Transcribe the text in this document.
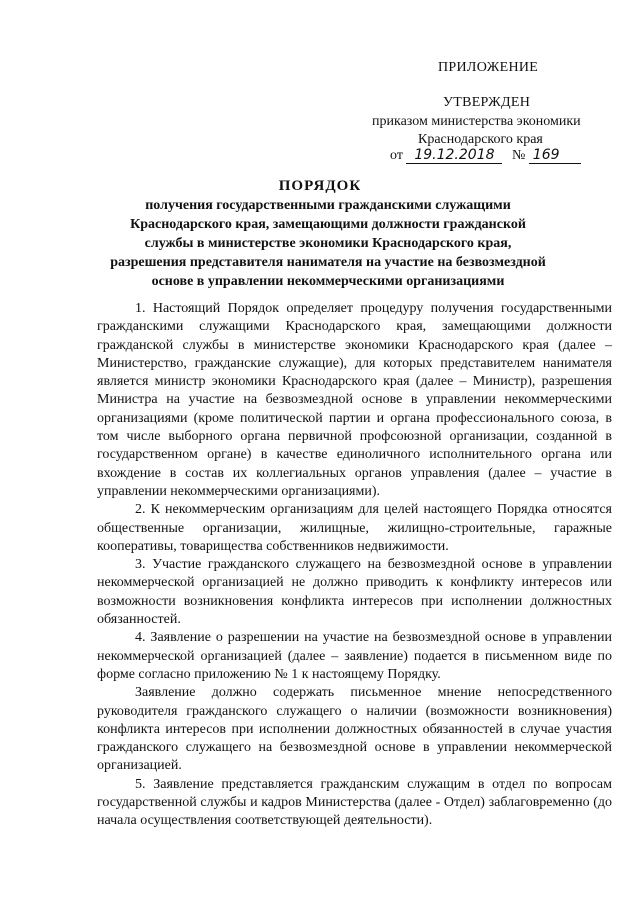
ПРИЛОЖЕНИЕ
УТВЕРЖДЕН
приказом министерства экономики
Краснодарского края
от 19.12.2018 № 169
ПОРЯДОК
получения государственными гражданскими служащими Краснодарского края, замещающими должности гражданской службы в министерстве экономики Краснодарского края, разрешения представителя нанимателя на участие на безвозмездной основе в управлении некоммерческими организациями

1. Настоящий Порядок определяет процедуру получения государственными гражданскими служащими Краснодарского края, замещающими должности гражданской службы в министерстве экономики Краснодарского края (далее – Министерство, гражданские служащие), для которых представителем нанимателя является министр экономики Краснодарского края (далее – Министр), разрешения Министра на участие на безвозмездной основе в управлении некоммерческими организациями (кроме политической партии и органа профессионального союза, в том числе выборного органа первичной профсоюзной организации, созданной в государственном органе) в качестве единоличного исполнительного органа или вхождение в состав их коллегиальных органов управления (далее – участие в управлении некоммерческими организациями).

2. К некоммерческим организациям для целей настоящего Порядка относятся общественные организации, жилищные, жилищно-строительные, гаражные кооперативы, товарищества собственников недвижимости.

3. Участие гражданского служащего на безвозмездной основе в управлении некоммерческой организацией не должно приводить к конфликту интересов или возможности возникновения конфликта интересов при исполнении должностных обязанностей.

4. Заявление о разрешении на участие на безвозмездной основе в управлении некоммерческой организацией (далее – заявление) подается в письменном виде по форме согласно приложению № 1 к настоящему Порядку.

Заявление должно содержать письменное мнение непосредственного руководителя гражданского служащего о наличии (возможности возникновения) конфликта интересов при исполнении должностных обязанностей в случае участия гражданского служащего на безвозмездной основе в управлении некоммерческой организацией.

5. Заявление представляется гражданским служащим в отдел по вопросам государственной службы и кадров Министерства (далее - Отдел) заблаговременно (до начала осуществления соответствующей деятельности).
